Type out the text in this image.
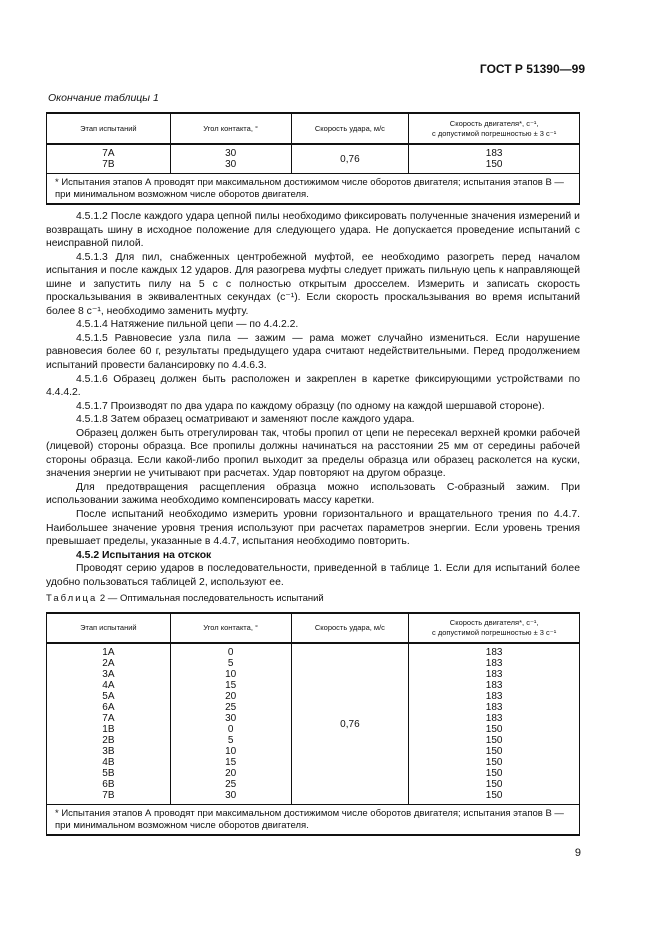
ГОСТ Р 51390—99
Окончание таблицы 1
Этап испытаний	Угол контакта, °	Скорость удара, м/с	Скорость двигателя*, с⁻¹,
с допустимой погрешностью ± 3 с⁻¹
7А	30	0,76	183
7В	30		150
* Испытания этапов А проводят при максимальном достижимом числе оборотов двигателя; испытания этапов В — при минимальном возможном числе оборотов двигателя.			

4.5.1.2 После каждого удара цепной пилы необходимо фиксировать полученные значения измерений и возвращать шину в исходное положение для следующего удара. Не допускается проведение испытаний с неисправной пилой.

4.5.1.3 Для пил, снабженных центробежной муфтой, ее необходимо разогреть перед началом испытания и после каждых 12 ударов. Для разогрева муфты следует прижать пильную цепь к направляющей шине и запустить пилу на 5 с с полностью открытым дросселем. Измерить и записать скорость проскальзывания в эквивалентных секундах (с⁻¹). Если скорость проскальзывания во время испытаний более 8 с⁻¹, необходимо заменить муфту.

4.5.1.4 Натяжение пильной цепи — по 4.4.2.2.

4.5.1.5 Равновесие узла пила — зажим — рама может случайно измениться. Если нарушение равновесия более 60 г, результаты предыдущего удара считают недействительными. Перед продолжением испытаний провести балансировку по 4.4.6.3.

4.5.1.6 Образец должен быть расположен и закреплен в каретке фиксирующими устройствами по 4.4.4.2.

4.5.1.7 Производят по два удара по каждому образцу (по одному на каждой шершавой стороне).

4.5.1.8 Затем образец осматривают и заменяют после каждого удара.

Образец должен быть отрегулирован так, чтобы пропил от цепи не пересекал верхней кромки рабочей (лицевой) стороны образца. Все пропилы должны начинаться на расстоянии 25 мм от середины рабочей стороны образца. Если какой-либо пропил выходит за пределы образца или образец расколется на куски, значения энергии не учитывают при расчетах. Удар повторяют на другом образце.

Для предотвращения расщепления образца можно использовать С-образный зажим. При использовании зажима необходимо компенсировать массу каретки.

После испытаний необходимо измерить уровни горизонтального и вращательного трения по 4.4.7. Наибольшее значение уровня трения используют при расчетах параметров энергии. Если уровень трения превышает пределы, указанные в 4.4.7, испытания необходимо повторить.

4.5.2 Испытания на отскок

Проводят серию ударов в последовательности, приведенной в таблице 1. Если для испытаний более удобно пользоваться таблицей 2, используют ее.

Таблица 2 — Оптимальная последовательность испытаний
Этап испытаний	Угол контакта, °	Скорость удара, м/с	Скорость двигателя*, с⁻¹,
с допустимой погрешностью ± 3 с⁻¹
1А	0	0,76	183
2А	5		183
3А	10		183
4А	15		183
5А	20		183
6А	25		183
7А	30		183
1В	0		150
2В	5		150
3В	10		150
4В	15		150
5В	20		150
6В	25		150
7В	30		150
* Испытания этапов А проводят при максимальном достижимом числе оборотов двигателя; испытания этапов В — при минимальном возможном числе оборотов двигателя.			
9
